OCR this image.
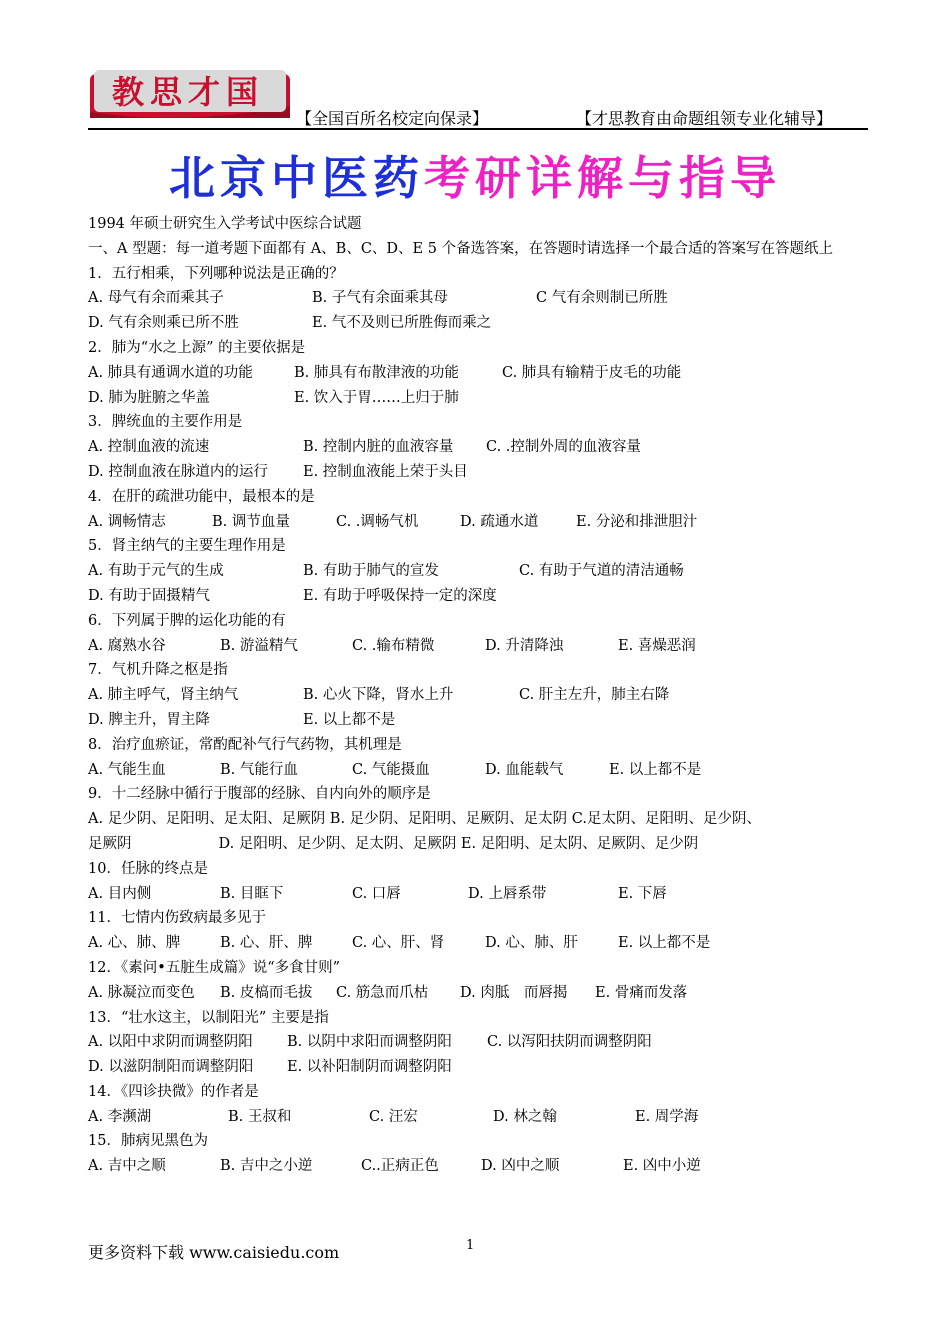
教思才国
【全国百所名校定向保录】	【才思教育由命题组领专业化辅导】
北京中医药考研详解与指导
1994 年硕士研究生入学考试中医综合试题
一、A 型题：每一道考题下面都有 A、B、C、D、E 5 个备选答案，在答题时请选择一个最合适的答案写在答题纸上
1．五行相乘，下列哪种说法是正确的？
A. 母气有余而乘其子	B. 子气有余面乘其母	C 气有余则制已所胜
D. 气有余则乘已所不胜	E. 气不及则已所胜侮而乘之
2．肺为“水之上源” 的主要依据是
A. 肺具有通调水道的功能	B. 肺具有布散津液的功能	C. 肺具有输精于皮毛的功能
D. 肺为脏腑之华盖	E. 饮入于胃……上归于肺
3．脾统血的主要作用是
A. 控制血液的流速	B. 控制内脏的血液容量	C. .控制外周的血液容量
D. 控制血液在脉道内的运行	E. 控制血液能上荣于头目
4．在肝的疏泄功能中，最根本的是
A. 调畅情志	B. 调节血量	C. .调畅气机	D. 疏通水道	E. 分泌和排泄胆汁
5．肾主纳气的主要生理作用是
A. 有助于元气的生成	B. 有助于肺气的宣发	C. 有助于气道的清洁通畅
D. 有助于固摄精气	E. 有助于呼吸保持一定的深度
6．下列属于脾的运化功能的有
A. 腐熟水谷	B. 游溢精气	C. .输布精微	D. 升清降浊	E. 喜燥恶润
7．气机升降之枢是指
A. 肺主呼气，肾主纳气	B. 心火下降，肾水上升	C. 肝主左升，肺主右降
D. 脾主升，胃主降	E. 以上都不是
8．治疗血瘀证，常酌配补气行气药物，其机理是
A. 气能生血	B. 气能行血	C. 气能摄血	D. 血能载气	E. 以上都不是
9．十二经脉中循行于腹部的经脉、自内向外的顺序是
A. 足少阴、足阳明、足太阳、足厥阴 B. 足少阴、足阳明、足厥阴、足太阴 C.足太阴、足阳明、足少阴、
足厥阴　　　　　　D. 足阳明、足少阴、足太阴、足厥阴 E. 足阳明、足太阴、足厥阴、足少阴
10．任脉的终点是
A. 目内侧	B. 目眶下	C. 口唇	D. 上唇系带	E. 下唇
11．七情内伤致病最多见于
A. 心、肺、脾	B. 心、肝、脾	C. 心、肝、肾	D. 心、肺、肝	E. 以上都不是
12．《素问•五脏生成篇》说“多食甘则”
A. 脉凝泣而变色	B. 皮槁而毛拔	C. 筋急而爪枯	D. 肉胝　而唇揭	E. 骨痛而发落
13．“壮水这主，以制阳光” 主要是指
A. 以阳中求阴而调整阴阳	B. 以阴中求阳而调整阴阳	C. 以泻阳扶阴而调整阴阳
D. 以滋阴制阳而调整阴阳	E. 以补阳制阴而调整阴阳
14．《四诊抉微》的作者是
A. 李濒湖	B. 王叔和	C. 汪宏	D. 林之翰	E. 周学海
15．肺病见黑色为
A. 吉中之顺	B. 吉中之小逆	C..正病正色	D. 凶中之顺	E. 凶中小逆
更多资料下载 www.caisiedu.com	1
